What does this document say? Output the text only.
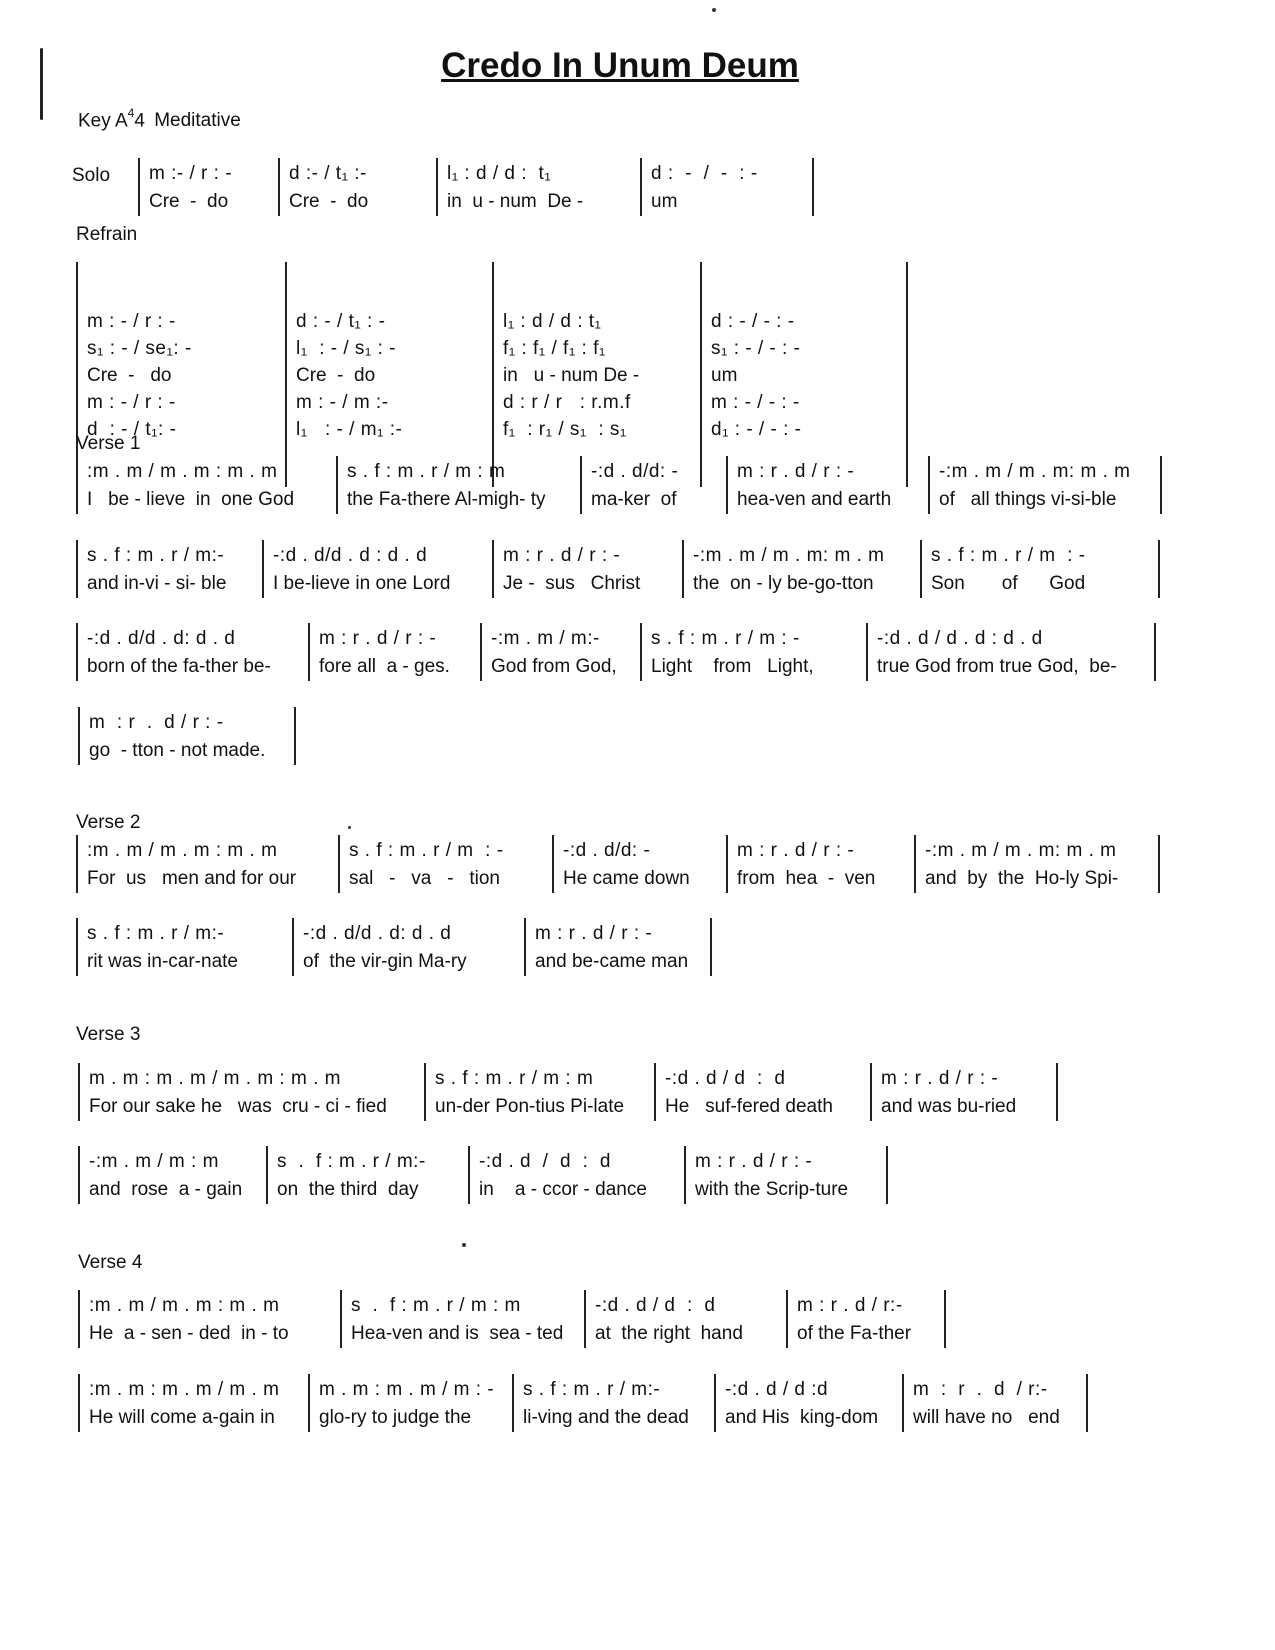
Credo In Unum Deum
Key $A^44$ Meditative
Solo m :- / r : -
Cre  -  do
d :- / t₁ :-
Cre  -  do
l₁ : d / d :  t₁
in  u - num  De -
d :  -  /  -  : -
um
Refrain

m : - / r : -
s₁ : - / se₁: -
Cre  -   do
m : - / r : -
d  : - / t₁: -

d : - / t₁ : -
l₁  : - / s₁ : -
Cre  -  do
m : - / m :-
l₁   : - / m₁ :-

l₁ : d / d : t₁
f₁ : f₁ / f₁ : f₁
in   u - num De -
d : r / r   : r.m.f
f₁  : r₁ / s₁  : s₁

d : - / - : -
s₁ : - / - : -
um
m : - / - : -
d₁ : - / - : -

Verse 1
:m . m / m . m : m . m
I   be - lieve  in  one God
s . f : m . r / m : m
the Fa-there Al-migh- ty
-:d . d/d: -
ma-ker  of
m : r . d / r : -
hea-ven and earth
-:m . m / m . m: m . m
of   all things vi-si-ble
s . f : m . r / m:-
and in-vi - si- ble
-:d . d/d . d : d . d
I be-lieve in one Lord
m : r . d / r : -
Je -  sus   Christ
-:m . m / m . m: m . m
the  on - ly be-go-tton
s . f : m . r / m  : -
Son       of      God
-:d . d/d . d: d . d
born of the fa-ther be-
m : r . d / r : -
fore all  a - ges.
-:m . m / m:-
God from God,
s . f : m . r / m : -
Light    from   Light,
-:d . d / d . d : d . d
true God from true God,  be-
m  : r  .  d / r : -
go  - tton - not made.
Verse 2
:m . m / m . m : m . m
For  us   men and for our
s . f : m . r / m  : -
sal   -   va   -   tion
-:d . d/d: -
He came down
m : r . d / r : -
from  hea  -  ven
-:m . m / m . m: m . m
and  by  the  Ho-ly Spi-
s . f : m . r / m:-
rit was in-car-nate
-:d . d/d . d: d . d
of  the vir-gin Ma-ry
m : r . d / r : -
and be-came man
Verse 3
m . m : m . m / m . m : m . m
For our sake he   was  cru - ci - fied
s . f : m . r / m : m
un-der Pon-tius Pi-late
-:d . d / d  :  d
He   suf-fered death
m : r . d / r : -
and was bu-ried
-:m . m / m : m
and  rose  a - gain
s  .  f : m . r / m:-
on  the third  day
-:d . d  /  d  :  d
in    a - ccor - dance
m : r . d / r : -
with the Scrip-ture
Verse 4
:m . m / m . m : m . m
He  a - sen - ded  in - to
s  .  f : m . r / m : m
Hea-ven and is  sea - ted
-:d . d / d  :  d
at  the right  hand
m : r . d / r:-
of the Fa-ther
:m . m : m . m / m . m
He will come a-gain in
m . m : m . m / m : -
glo-ry to judge the
s . f : m . r / m:-
li-ving and the dead
-:d . d / d :d
and His  king-dom
m  :  r  .  d  / r:-
will have no   end
